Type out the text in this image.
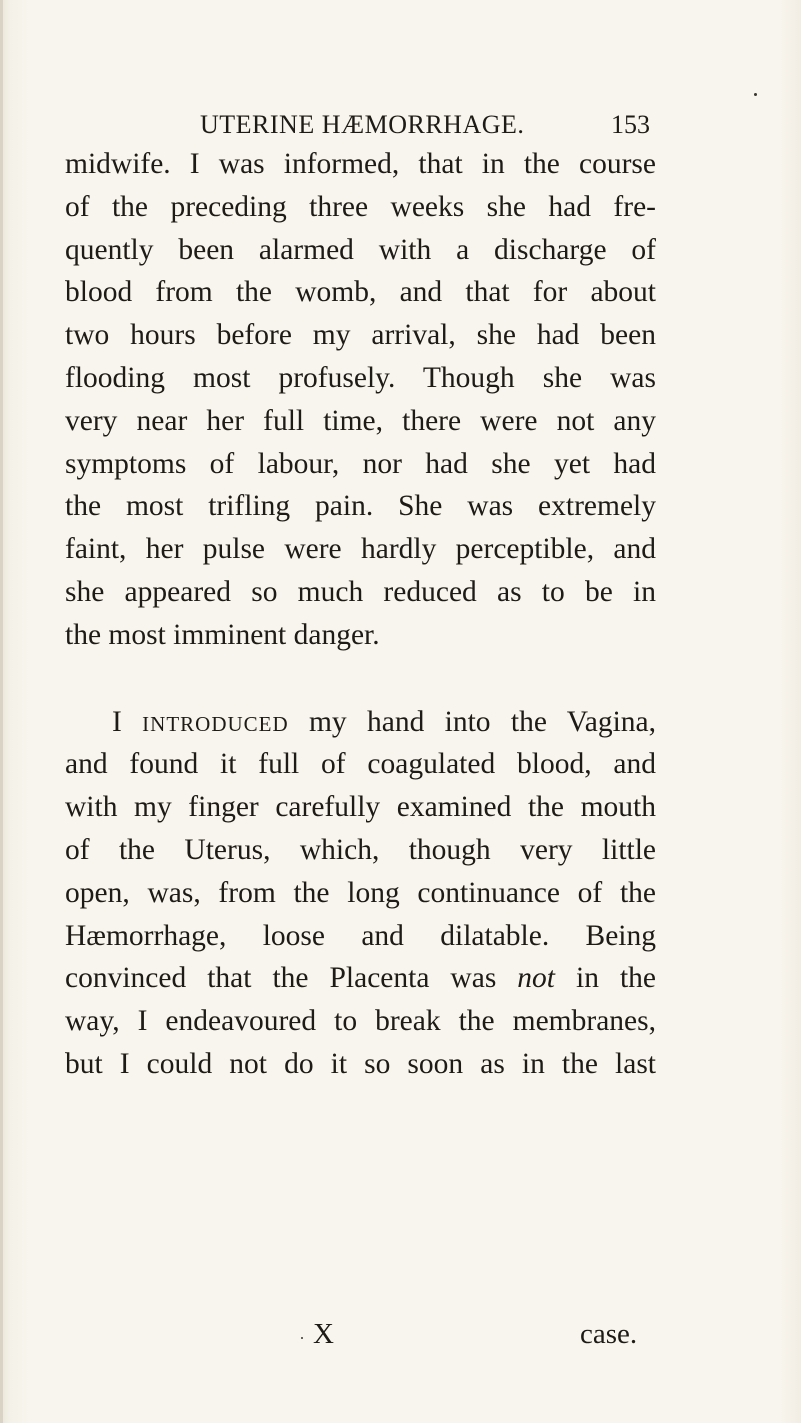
UTERINE HÆMORRHAGE.	153
midwife. I was informed, that in the course
of the preceding three weeks she had fre-
quently been alarmed with a discharge of
blood from the womb, and that for about
two hours before my arrival, she had been
flooding most profusely. Though she was
very near her full time, there were not any
symptoms of labour, nor had she yet had
the most trifling pain. She was extremely
faint, her pulse were hardly perceptible, and
she appeared so much reduced as to be in
the most imminent danger.
I introduced my hand into the Vagina,
and found it full of coagulated blood, and
with my finger carefully examined the mouth
of the Uterus, which, though very little
open, was, from the long continuance of the
Hæmorrhage, loose and dilatable. Being
convinced that the Placenta was not in the
way, I endeavoured to break the membranes,
but I could not do it so soon as in the last
X	case.
